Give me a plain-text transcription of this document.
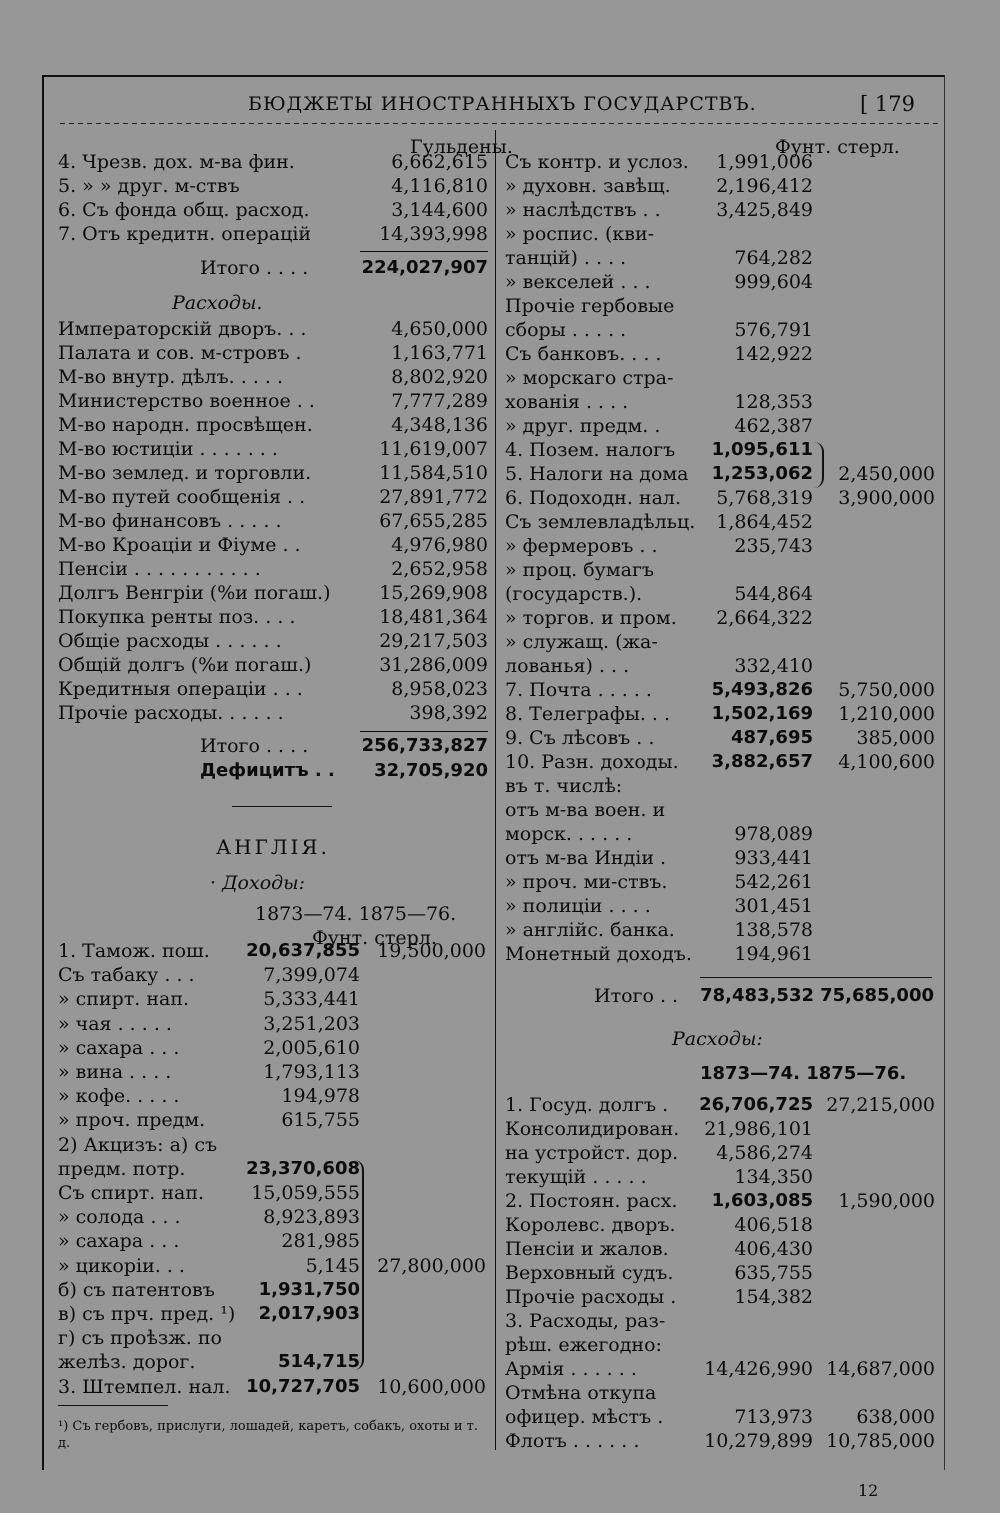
БЮДЖЕТЫ ИНОСТРАННЫХЪ ГОСУДАРСТВЪ.	[ 179
Гульдены.
4. Чрезв. дох. м-ва фин.	6,662,615
5. » » друг. м-ствъ	4,116,810
6. Съ фонда общ. расход.	3,144,600
7. Отъ кредитн. операцій	14,393,998
Итого . . . .	224,027,907
Расходы.
Императорскій дворъ. . .	4,650,000
Палата и сов. м-стровъ .	1,163,771
М-во внутр. дѣлъ. . . . .	8,802,920
Министерство военное . .	7,777,289
М-во народн. просвѣщен.	4,348,136
М-во юстиціи . . . . . . .	11,619,007
М-во землед. и торговли.	11,584,510
М-во путей сообщенія . .	27,891,772
М-во финансовъ . . . . .	67,655,285
М-во Кроаціи и Фіуме . .	4,976,980
Пенсіи . . . . . . . . . . .	2,652,958
Долгъ Венгріи (%и погаш.)	15,269,908
Покупка ренты поз. . . .	18,481,364
Общіе расходы . . . . . .	29,217,503
Общій долгъ (%и погаш.)	31,286,009
Кредитныя операціи . . .	8,958,023
Прочіе расходы. . . . . .	398,392
Итого . . . .	256,733,827
Дефицитъ . . 32,705,920
АНГЛІЯ.
· Доходы:
1873—74. 1875—76.
Фунт. стерл.
1. Тамож. пош. 20,637,855 19,500,000
Съ табаку . . .	7,399,074
» спирт. нап.	5,333,441
» чая . . . . .	3,251,203
» сахара . . .	2,005,610
» вина . . . .	1,793,113
» кофе. . . . .	194,978
» проч. предм.	615,755
2) Акцизъ: а) съ
предм. потр.	23,370,608
Съ спирт. нап. 15,059,555
» солода . . .	8,923,893
» сахара . . .	281,985
» цикоріи. . .	5,145 27,800,000
б) съ патентовъ 1,931,750
в) съ прч. пред. ¹) 2,017,903
г) съ проѣзж. по
желѣз. дорог.	514,715
3. Штемпел. нал. 10,727,705 10,600,000
¹) Съ гербовъ, прислуги, лошадей, каретъ, собакъ, охоты и т. д.
Фунт. стерл.
Съ контр. и услоз. 1,991,006
» духовн. завѣщ. 2,196,412
» наслѣдствъ . .	3,425,849
» роспис. (кви-
танцій) . . . .	764,282
» векселей . . .	999,604
Прочіе гербовые
сборы . . . . .	576,791
Съ банковъ. . . .	142,922
» морскаго стра-
хованія . . . .	128,353
» друг. предм. .	462,387
4. Позем. налогъ 1,095,611
5. Налоги на дома 1,253,062 2,450,000
6. Подоходн. нал. 5,768,319 3,900,000
Съ землевладѣльц. 1,864,452
» фермеровъ . .	235,743
» проц. бумагъ
(государств.).	544,864
» торгов. и пром. 2,664,322
» служащ. (жа-
лованья) . . .	332,410
7. Почта . . . . .	5,493,826 5,750,000
8. Телеграфы. . . 1,502,169 1,210,000
9. Съ лѣсовъ . .	487,695 385,000
10. Разн. доходы. 3,882,657 4,100,600
въ т. числѣ:
отъ м-ва воен. и
морск. . . . . .	978,089
отъ м-ва Индіи .	933,441
» проч. ми-ствъ.	542,261
» полиціи . . . .	301,451
» англійс. банка.	138,578
Монетный доходъ. 194,961
Итого . . 78,483,532 75,685,000
Расходы:
1873—74. 1875—76.
1. Госуд. долгъ . 26,706,725 27,215,000
Консолидирован. 21,986,101
на устройст. дор. 4,586,274
текущій . . . . .	134,350
2. Постоян. расх. 1,603,085 1,590,000
Королевс. дворъ.	406,518
Пенсіи и жалов.	406,430
Верховный судъ.	635,755
Прочіе расходы .	154,382
3. Расходы, раз-
рѣш. ежегодно:
Армія . . . . . .	14,426,990 14,687,000
Отмѣна откупа
офицер. мѣстъ .	713,973 638,000
Флотъ . . . . . .	10,279,899 10,785,000
12
